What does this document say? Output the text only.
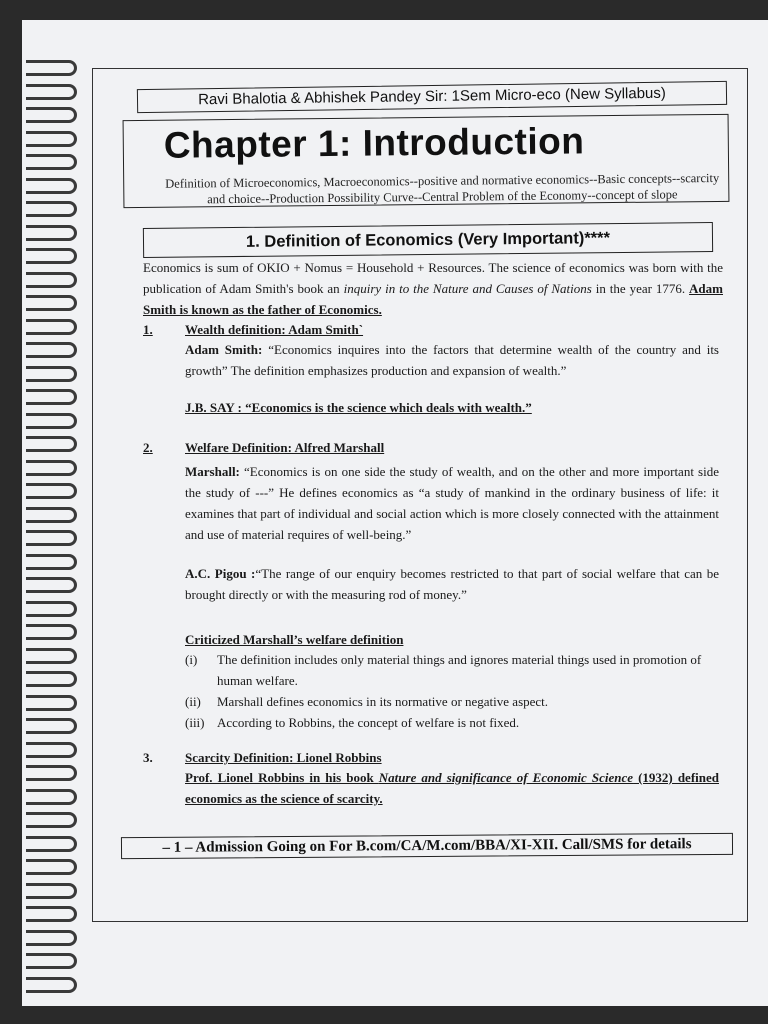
Ravi Bhalotia & Abhishek Pandey Sir: 1Sem Micro-eco (New Syllabus)
Chapter 1: Introduction
Definition of Microeconomics, Macroeconomics--positive and normative economics--Basic concepts--scarcity and choice--Production Possibility Curve--Central Problem of the Economy--concept of slope
1. Definition of Economics (Very Important)****
Economics is sum of OKIO + Nomus = Household + Resources. The science of economics was born with the publication of Adam Smith's book an inquiry in to the Nature and Causes of Nations in the year 1776. Adam Smith is known as the father of Economics.
1. Wealth definition: Adam Smith`
Adam Smith: “Economics inquires into the factors that determine wealth of the country and its growth” The definition emphasizes production and expansion of wealth.”
J.B. SAY : “Economics is the science which deals with wealth.”
2. Welfare Definition: Alfred Marshall
Marshall: “Economics is on one side the study of wealth, and on the other and more important side the study of ---” He defines economics as “a study of mankind in the ordinary business of life: it examines that part of individual and social action which is more closely connected with the attainment and use of material requires of well-being.”
A.C. Pigou :“The range of our enquiry becomes restricted to that part of social welfare that can be brought directly or with the measuring rod of money.”
Criticized Marshall’s welfare definition
(i)	The definition includes only material things and ignores material things used in promotion of human welfare.
(ii)	Marshall defines economics in its normative or negative aspect.
(iii) According to Robbins, the concept of welfare is not fixed.
3. Scarcity Definition: Lionel Robbins
Prof. Lionel Robbins in his book Nature and significance of Economic Science (1932) defined economics as the science of scarcity.
– 1 – Admission Going on For B.com/CA/M.com/BBA/XI-XII. Call/SMS for details
